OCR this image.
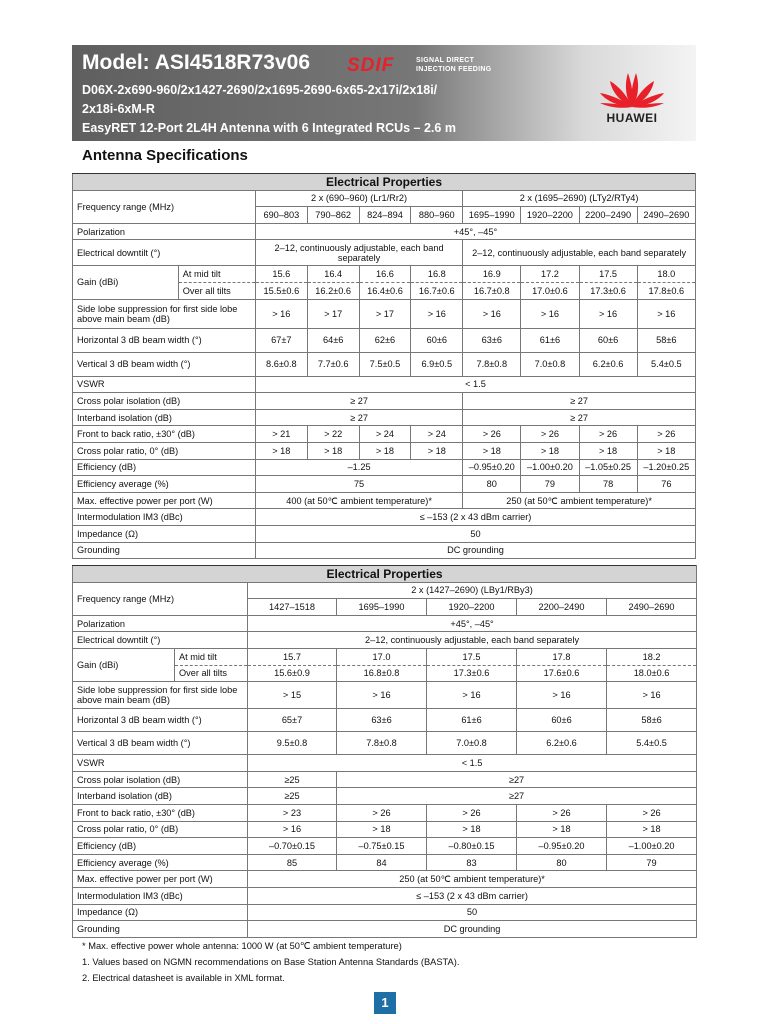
Model: ASI4518R73v06 SDIF	SIGNAL DIRECT
INJECTION FEEDING
D06X-2x690-960/2x1427-2690/2x1695-2690-6x65-2x17i/2x18i/
2x18i-6xM-R
EasyRET 12-Port 2L4H Antenna with 6 Integrated RCUs – 2.6 m
HUAWEI
Antenna Specifications
Electrical Properties									
Frequency range (MHz)		2 x (690–960) (Lr1/Rr2)				2 x (1695–2690) (LTy2/RTy4)			
		690–803	790–862	824–894	880–960	1695–1990	1920–2200	2200–2490	2490–2690
Polarization		+45°, –45°							
Electrical downtilt (°)		2–12, continuously adjustable, each band separately				2–12, continuously adjustable, each band separately			
Gain (dBi)	At mid tilt	15.6	16.4	16.6	16.8	16.9	17.2	17.5	18.0
	Over all tilts	15.5±0.6	16.2±0.6	16.4±0.6	16.7±0.6	16.7±0.8	17.0±0.6	17.3±0.6	17.8±0.6
Side lobe suppression for first side lobe above main beam (dB)		> 16	> 17	> 17	> 16	> 16	> 16	> 16	> 16
Horizontal 3 dB beam width (°)		67±7	64±6	62±6	60±6	63±6	61±6	60±6	58±6
Vertical 3 dB beam width (°)		8.6±0.8	7.7±0.6	7.5±0.5	6.9±0.5	7.8±0.8	7.0±0.8	6.2±0.6	5.4±0.5
VSWR		< 1.5							
Cross polar isolation (dB)		≥ 27				≥ 27			
Interband isolation (dB)		≥ 27				≥ 27			
Front to back ratio, ±30° (dB)		> 21	> 22	> 24	> 24	> 26	> 26	> 26	> 26
Cross polar ratio, 0° (dB)		> 18	> 18	> 18	> 18	> 18	> 18	> 18	> 18
Efficiency (dB)		–1.25				–0.95±0.20	–1.00±0.20	–1.05±0.25	–1.20±0.25
Efficiency average (%)		75				80	79	78	76
Max. effective power per port (W)		400 (at 50℃ ambient temperature)*				250 (at 50℃ ambient temperature)*			
Intermodulation IM3 (dBc)		≤ –153 (2 x 43 dBm carrier)							
Impedance (Ω)		50							
Grounding		DC grounding							
Electrical Properties						
Frequency range (MHz)		2 x (1427–2690) (LBy1/RBy3)				
		1427–1518	1695–1990	1920–2200	2200–2490	2490–2690
Polarization		+45°, –45°				
Electrical downtilt (°)		2–12, continuously adjustable, each band separately				
Gain (dBi)	At mid tilt	15.7	17.0	17.5	17.8	18.2
	Over all tilts	15.6±0.9	16.8±0.8	17.3±0.6	17.6±0.6	18.0±0.6
Side lobe suppression for first side lobe above main beam (dB)		> 15	> 16	> 16	> 16	> 16
Horizontal 3 dB beam width (°)		65±7	63±6	61±6	60±6	58±6
Vertical 3 dB beam width (°)		9.5±0.8	7.8±0.8	7.0±0.8	6.2±0.6	5.4±0.5
VSWR		< 1.5				
Cross polar isolation (dB)		≥25	≥27			
Interband isolation (dB)		≥25	≥27			
Front to back ratio, ±30° (dB)		> 23	> 26	> 26	> 26	> 26
Cross polar ratio, 0° (dB)		> 16	> 18	> 18	> 18	> 18
Efficiency (dB)		–0.70±0.15	–0.75±0.15	–0.80±0.15	–0.95±0.20	–1.00±0.20
Efficiency average (%)		85	84	83	80	79
Max. effective power per port (W)		250 (at 50℃ ambient temperature)*				
Intermodulation IM3 (dBc)		≤ –153 (2 x 43 dBm carrier)				
Impedance (Ω)		50				
Grounding		DC grounding				
* Max. effective power whole antenna: 1000 W (at 50℃ ambient temperature)
1. Values based on NGMN recommendations on Base Station Antenna Standards (BASTA).
2. Electrical datasheet is available in XML format.
1
